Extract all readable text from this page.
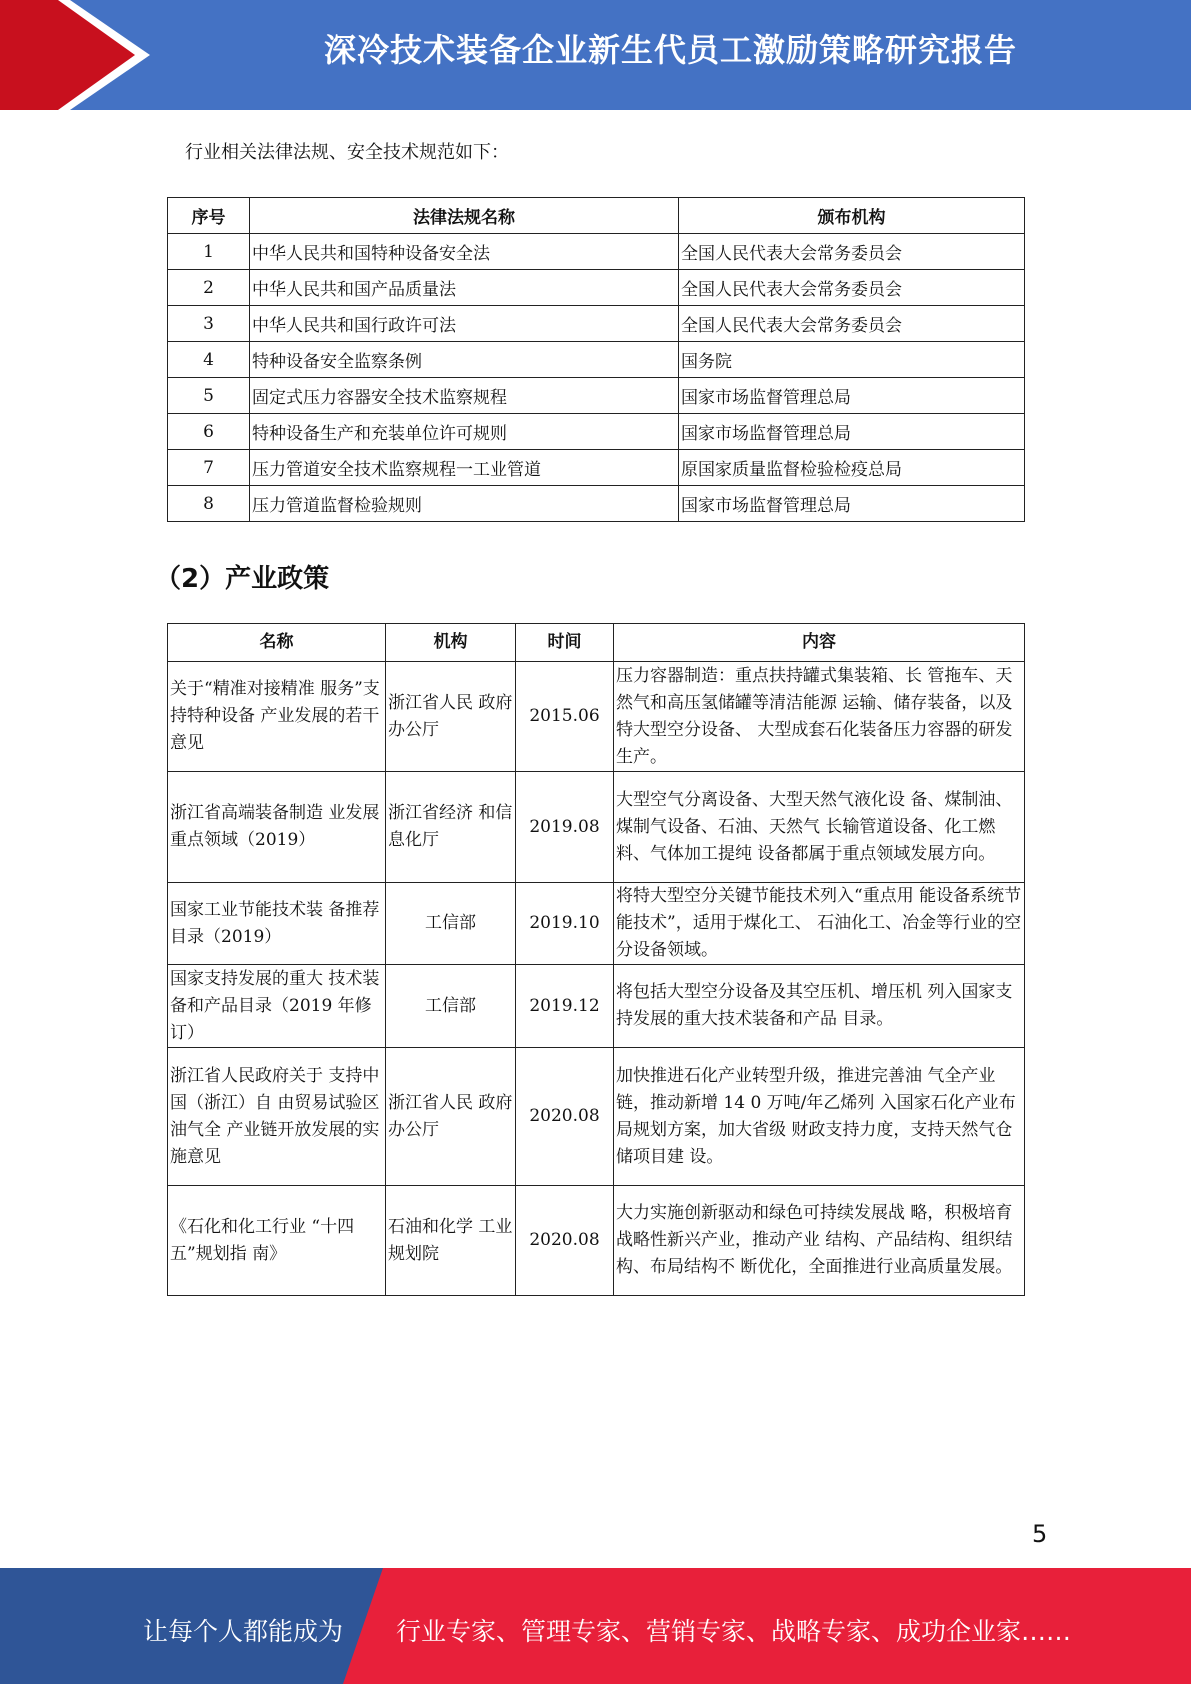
深冷技术装备企业新生代员工激励策略研究报告
行业相关法律法规、安全技术规范如下：
序号	法律法规名称	颁布机构
1	中华人民共和国特种设备安全法	全国人民代表大会常务委员会
2	中华人民共和国产品质量法	全国人民代表大会常务委员会
3	中华人民共和国行政许可法	全国人民代表大会常务委员会
4	特种设备安全监察条例	国务院
5	固定式压力容器安全技术监察规程	国家市场监督管理总局
6	特种设备生产和充装单位许可规则	国家市场监督管理总局
7	压力管道安全技术监察规程一工业管道	原国家质量监督检验检疫总局
8	压力管道监督检验规则	国家市场监督管理总局
（2）产业政策
名称	机构	时间	内容
关于“精准对接精准 服务”支持特种设备 产业发展的若干意见	浙江省人民 政府办公厅	2015.06	压力容器制造：重点扶持罐式集装箱、长 管拖车、天然气和高压氢储罐等清洁能源 运输、储存装备，以及特大型空分设备、 大型成套石化装备压力容器的研发生产。
浙江省高端装备制造 业发展重点领域（2019）	浙江省经济 和信息化厅	2019.08	大型空气分离设备、大型天然气液化设 备、煤制油、煤制气设备、石油、天然气 长输管道设备、化工燃料、气体加工提纯 设备都属于重点领域发展方向。
国家工业节能技术装 备推荐目录（2019）	工信部	2019.10	将特大型空分关键节能技术列入“重点用 能设备系统节能技术”，适用于煤化工、 石油化工、冶金等行业的空分设备领域。
国家支持发展的重大 技术装备和产品目录（2019 年修订）	工信部	2019.12	将包括大型空分设备及其空压机、增压机 列入国家支持发展的重大技术装备和产品 目录。
浙江省人民政府关于 支持中国（浙江）自 由贸易试验区油气全 产业链开放发展的实 施意见	浙江省人民 政府办公厅	2020.08	加快推进石化产业转型升级，推进完善油 气全产业链，推动新增 14 0 万吨/年乙烯列 入国家石化产业布局规划方案，加大省级 财政支持力度，支持天然气仓储项目建 设。
《石化和化工行业 “十四五”规划指 南》	石油和化学 工业规划院	2020.08	大力实施创新驱动和绿色可持续发展战 略，积极培育战略性新兴产业，推动产业 结构、产品结构、组织结构、布局结构不 断优化，全面推进行业高质量发展。
5
让每个人都能成为 行业专家、管理专家、营销专家、战略专家、成功企业家……
